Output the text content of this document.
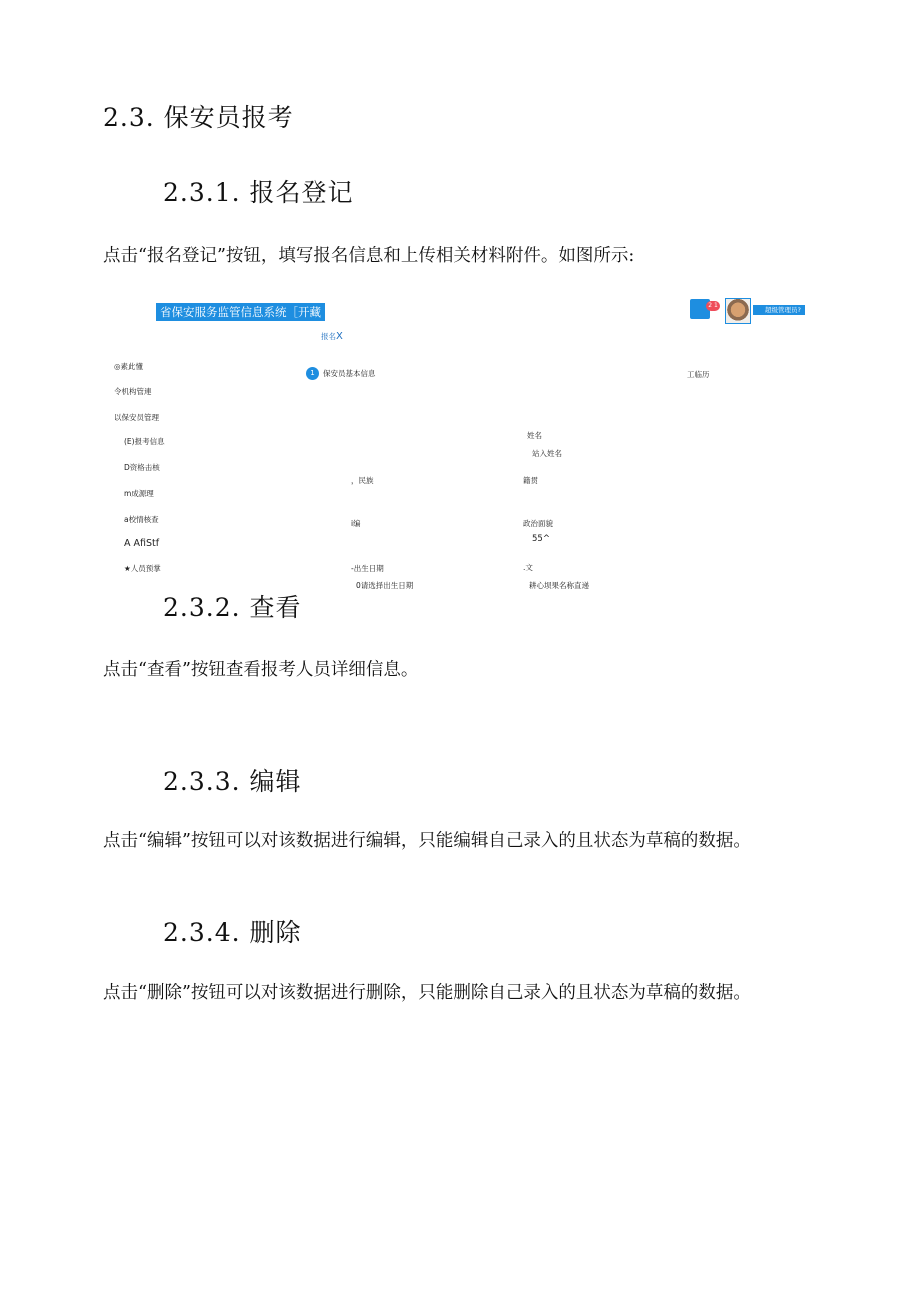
2.3. 保安员报考
2.3.1. 报名登记
点击“报名登记”按钮，填写报名信息和上传相关材料附件。如图所示:
省保安服务监管信息系统［开藏	2 1
超级管理员?
报名X
1	保安员基本信息	工临历
◎素此懂
令机构管連
以保安员管理
(E)报考信息
D资格击核
m成源理
a校情核查
A AfiStf
★人员预掌
姓名
站入姓名
，民族	籍贯
i编	政治面貌
55^
-出生日期
0请选择出生日期
.文
耕心坝果名称直递
2.3.2. 查看
点击“查看”按钮查看报考人员详细信息。
2.3.3. 编辑
点击“编辑”按钮可以对该数据进行编辑，只能编辑自己录入的且状态为草稿的数据。
2.3.4. 删除
点击“删除”按钮可以对该数据进行删除，只能删除自己录入的且状态为草稿的数据。
